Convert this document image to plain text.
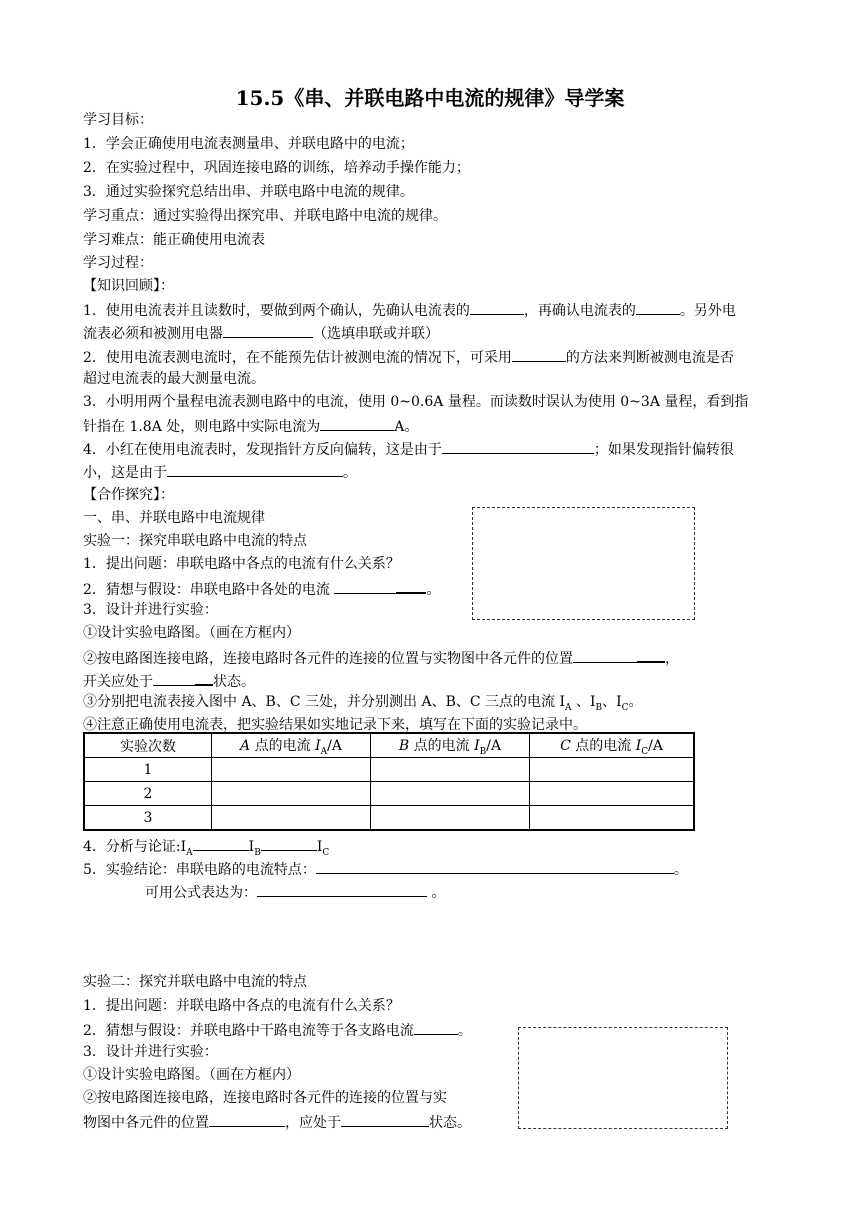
15.5《串、并联电路中电流的规律》导学案
学习目标：
1．学会正确使用电流表测量串、并联电路中的电流；
2．在实验过程中，巩固连接电路的训练，培养动手操作能力；
3．通过实验探究总结出串、并联电路中电流的规律。
学习重点：通过实验得出探究串、并联电路中电流的规律。
学习难点：能正确使用电流表
学习过程：
【知识回顾】：
1．使用电流表并且读数时，要做到两个确认，先确认电流表的	，再确认电流表的	。另外电
流表必须和被测用电器	（选填串联或并联）
2．使用电流表测电流时，在不能预先估计被测电流的情况下，可采用	的方法来判断被测电流是否
超过电流表的最大测量电流。
3．小明用两个量程电流表测电路中的电流，使用 0~0.6A 量程。而读数时误认为使用 0~3A 量程，看到指
针指在 1.8A 处，则电路中实际电流为	A。
4．小红在使用电流表时，发现指针方反向偏转，这是由于	；如果发现指针偏转很
小，这是由于	。
【合作探究】：
一、串、并联电路中电流规律
实验一：探究串联电路中电流的特点
1．提出问题：串联电路中各点的电流有什么关系？
2．猜想与假设：串联电路中各处的电流	。
3．设计并进行实验：
①设计实验电路图。（画在方框内）
②按电路图连接电路，连接电路时各元件的连接的位置与实物图中各元件的位置	，
开关应处于	状态。
③分别把电流表接入图中 A、B、C 三处，并分别测出 A、B、C 三点的电流 $I_A$ 、$I_B$、$I_C$。
实验次数	A 点的电流 $I_A/A$	B 点的电流 $I_B/A$	C 点的电流 $I_C/A$
1			
2			
3			
4．分析与论证$:I_A$	$I_B$	$I_C$
5．实验结论：串联电路的电流特点：	。
可用公式表达为：	。
实验二：探究并联电路中电流的特点
1．提出问题：并联电路中各点的电流有什么关系？
2．猜想与假设：并联电路中干路电流等于各支路电流	。
3．设计并进行实验：
①设计实验电路图。（画在方框内）
②按电路图连接电路，连接电路时各元件的连接的位置与实
物图中各元件的位置	，应处于	状态。
④注意正确使用电流表，把实验结果如实地记录下来，填写在下面的实验记录中。
